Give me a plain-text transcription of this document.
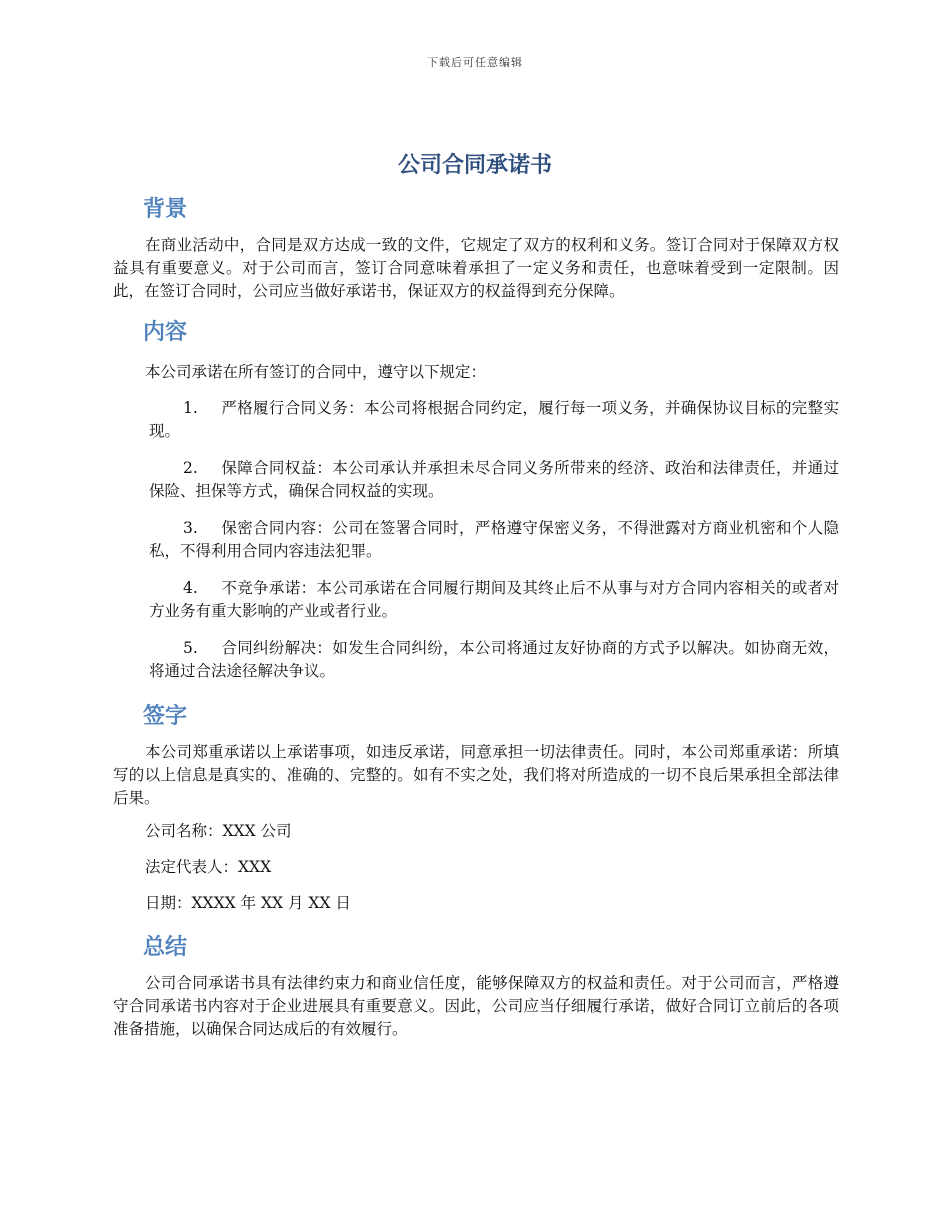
下载后可任意编辑
公司合同承诺书
背景

在商业活动中，合同是双方达成一致的文件，它规定了双方的权利和义务。签订合同对于保障双方权益具有重要意义。对于公司而言，签订合同意味着承担了一定义务和责任，也意味着受到一定限制。因此，在签订合同时，公司应当做好承诺书，保证双方的权益得到充分保障。

内容

本公司承诺在所有签订的合同中，遵守以下规定：

1. 严格履行合同义务：本公司将根据合同约定，履行每一项义务，并确保协议目标的完整实现。
2. 保障合同权益：本公司承认并承担未尽合同义务所带来的经济、政治和法律责任，并通过保险、担保等方式，确保合同权益的实现。
3. 保密合同内容：公司在签署合同时，严格遵守保密义务，不得泄露对方商业机密和个人隐私，不得利用合同内容违法犯罪。
4. 不竞争承诺：本公司承诺在合同履行期间及其终止后不从事与对方合同内容相关的或者对方业务有重大影响的产业或者行业。
5. 合同纠纷解决：如发生合同纠纷，本公司将通过友好协商的方式予以解决。如协商无效，将通过合法途径解决争议。
签字

本公司郑重承诺以上承诺事项，如违反承诺，同意承担一切法律责任。同时，本公司郑重承诺：所填写的以上信息是真实的、准确的、完整的。如有不实之处，我们将对所造成的一切不良后果承担全部法律后果。

公司名称：XXX 公司
法定代表人：XXX
日期：XXXX 年 XX 月 XX 日
总结

公司合同承诺书具有法律约束力和商业信任度，能够保障双方的权益和责任。对于公司而言，严格遵守合同承诺书内容对于企业进展具有重要意义。因此，公司应当仔细履行承诺，做好合同订立前后的各项准备措施，以确保合同达成后的有效履行。
